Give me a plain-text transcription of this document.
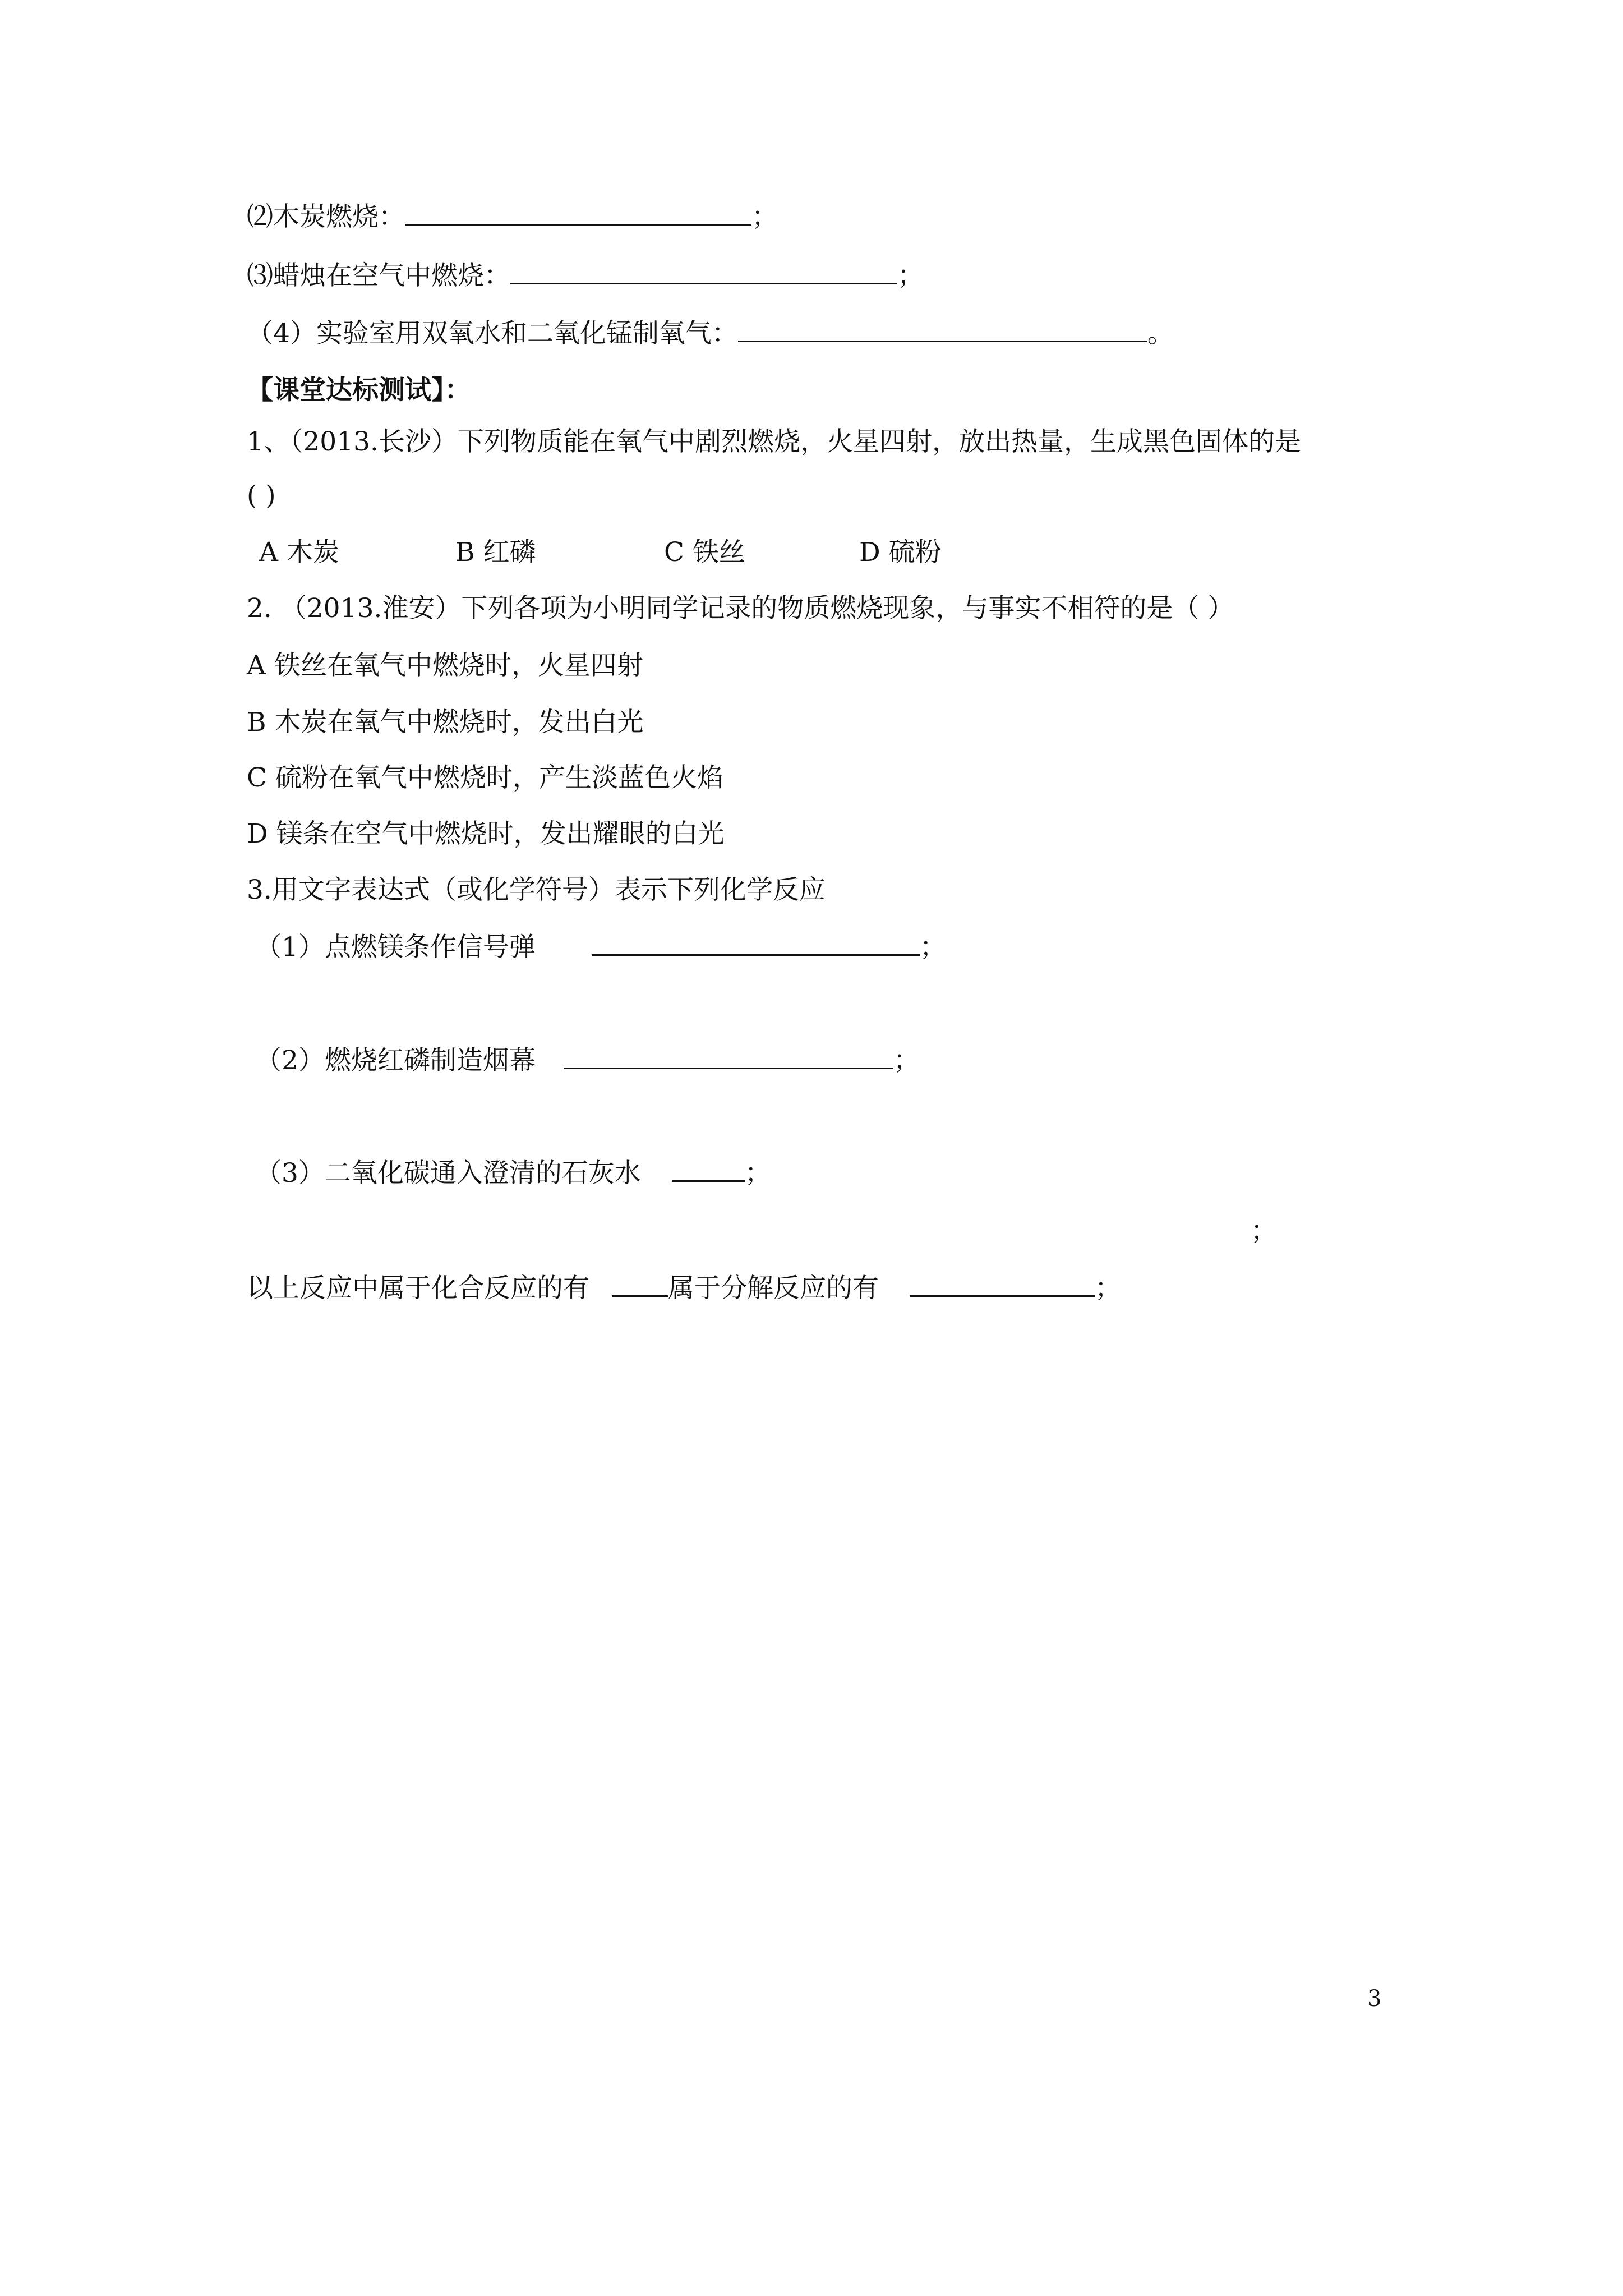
⑵木炭燃烧：	；
⑶蜡烛在空气中燃烧：	；
（4）实验室用双氧水和二氧化锰制氧气：	。
【课堂达标测试】：
1、（2013.长沙）下列物质能在氧气中剧烈燃烧，火星四射，放出热量，生成黑色固体的是
( )
A 木炭	B 红磷	C 铁丝	D 硫粉
2. （2013.淮安）下列各项为小明同学记录的物质燃烧现象，与事实不相符的是（ ）
A 铁丝在氧气中燃烧时，火星四射
B 木炭在氧气中燃烧时，发出白光
C 硫粉在氧气中燃烧时，产生淡蓝色火焰
D 镁条在空气中燃烧时，发出耀眼的白光
3.用文字表达式（或化学符号）表示下列化学反应
（1）点燃镁条作信号弹	；
（2）燃烧红磷制造烟幕	；
（3）二氧化碳通入澄清的石灰水	；
；
以上反应中属于化合反应的有	属于分解反应的有	；
3
